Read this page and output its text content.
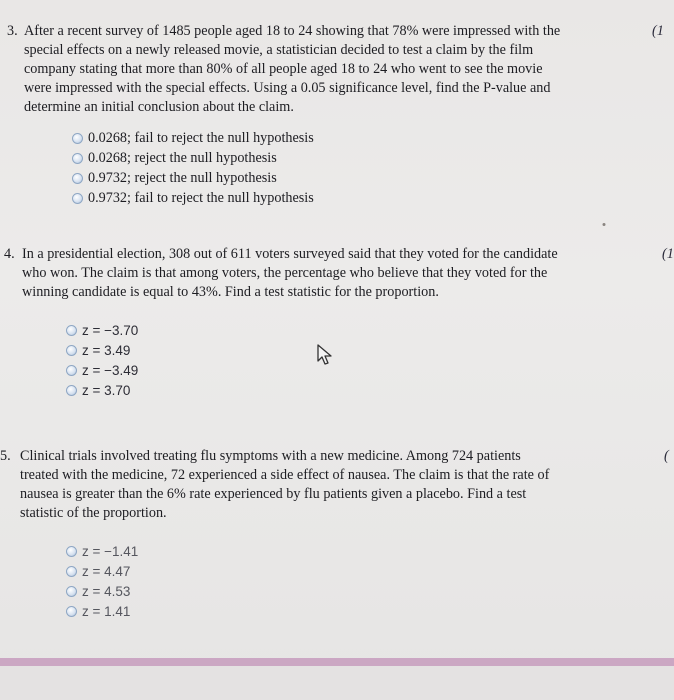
3. After a recent survey of 1485 people aged 18 to 24 showing that 78% were impressed with the	(1
special effects on a newly released movie, a statistician decided to test a claim by the film
company stating that more than 80% of all people aged 18 to 24 who went to see the movie
were impressed with the special effects. Using a 0.05 significance level, find the P-value and
determine an initial conclusion about the claim.
0.0268; fail to reject the null hypothesis
0.0268; reject the null hypothesis
0.9732; reject the null hypothesis
0.9732; fail to reject the null hypothesis
4. In a presidential election, 308 out of 611 voters surveyed said that they voted for the candidate	(1
who won. The claim is that among voters, the percentage who believe that they voted for the
winning candidate is equal to 43%. Find a test statistic for the proportion.
z = −3.70
z = 3.49
z = −3.49
z = 3.70
5. Clinical trials involved treating flu symptoms with a new medicine. Among 724 patients	(
treated with the medicine, 72 experienced a side effect of nausea. The claim is that the rate of
nausea is greater than the 6% rate experienced by flu patients given a placebo. Find a test
statistic of the proportion.
z = −1.41
z = 4.47
z = 4.53
z = 1.41
